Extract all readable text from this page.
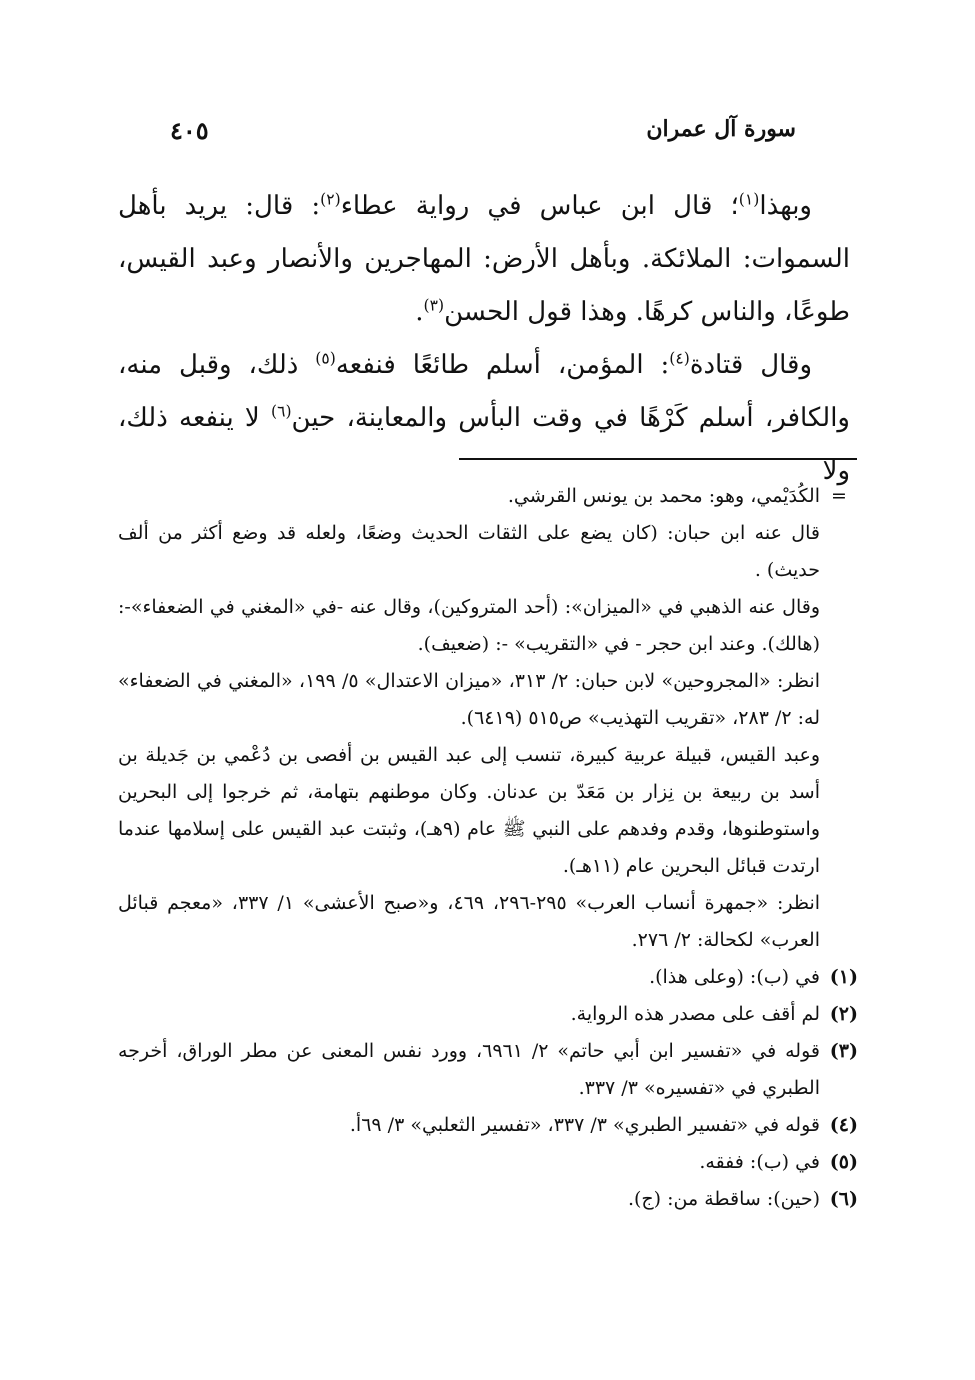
سورة آل عمران
٤٠٥

وبهذا$^{(١)}$؛ قال ابن عباس في رواية عطاء$^{(٢)}$: قال: يريد بأهل السموات: الملائكة. وبأهل الأرض: المهاجرين والأنصار وعبد القيس، طوعًا، والناس كرهًا. وهذا قول الحسن$^{(٣)}$.

وقال قتادة$^{(٤)}$: المؤمن، أسلم طائعًا فنفعه$^{(٥)}$ ذلك، وقبل منه، والكافر، أسلم كَرْهًا في وقت البأس والمعاينة، حين$^{(٦)}$ لا ينفعه ذلك، ولا

=

الكُدَيْمي، وهو: محمد بن يونس القرشي.

قال عنه ابن حبان: (كان يضع على الثقات الحديث وضعًا، ولعله قد وضع أكثر من ألف حديث) .

وقال عنه الذهبي في «الميزان»: (أحد المتروكين)، وقال عنه -في «المغني في الضعفاء»-: (هالك). وعند ابن حجر - في «التقريب» -: (ضعيف).

انظر: «المجروحين» لابن حبان: ٢/ ٣١٣، «ميزان الاعتدال» ٥/ ١٩٩، «المغني في الضعفاء» له: ٢/ ٢٨٣، «تقريب التهذيب» ص٥١٥ (٦٤١٩).

وعبد القيس، قبيلة عربية كبيرة، تنسب إلى عبد القيس بن أفصى بن دُعْمي بن جَديلة بن أسد بن ربيعة بن نِزار بن مَعَدّ بن عدنان. وكان موطنهم بتهامة، ثم خرجوا إلى البحرين واستوطنوها، وقدم وفدهم على النبي ﷺ عام (٩هـ)، وثبتت عبد القيس على إسلامها عندما ارتدت قبائل البحرين عام (١١هـ).

انظر: «جمهرة أنساب العرب» ٢٩٥-٢٩٦، ٤٦٩، و«صبح الأعشى» ١/ ٣٣٧، «معجم قبائل العرب» لكحالة: ٢/ ٢٧٦.

(١)
في (ب): (وعلى هذا).
(٢)
لم أقف على مصدر هذه الرواية.
(٣)
قوله في «تفسير ابن أبي حاتم» ٢/ ٦٩٦١، وورد نفس المعنى عن مطر الوراق، أخرجه الطبري في «تفسيره» ٣/ ٣٣٧.
(٤)
قوله في «تفسير الطبري» ٣/ ٣٣٧، «تفسير الثعلبي» ٣/ ٦٩أ.
(٥)
في (ب): ففقه.
(٦)
(حين): ساقطة من: (ج).
